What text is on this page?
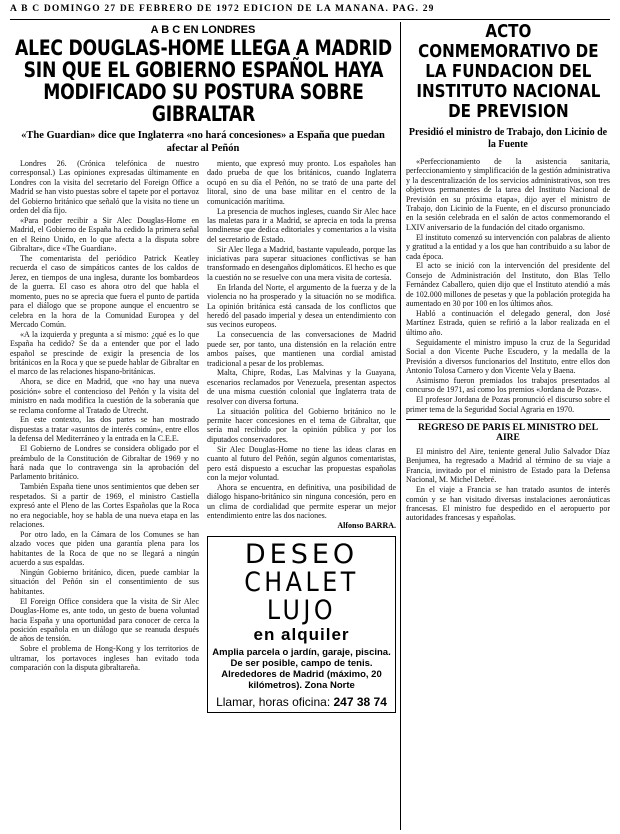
A B C DOMINGO 27 DE FEBRERO DE 1972 EDICION DE LA MAÑANA. PAG. 29
A B C EN LONDRES
ALEC DOUGLAS-HOME LLEGA A MADRID SIN QUE EL GOBIERNO ESPAÑOL HAYA MODIFICADO SU POSTURA SOBRE GIBRALTAR
«The Guardian» dice que Inglaterra «no hará concesiones» a España que puedan afectar al Peñón

Londres 26. (Crónica telefónica de nuestro corresponsal.) Las opiniones expresadas últimamente en Londres con la visita del secretario del Foreign Office a Madrid se han visto puestas sobre el tapete por el portavoz del Gobierno británico que señaló que la visita no tiene un orden del día fijo.

«Para poder recibir a Sir Alec Douglas-Home en Madrid, el Gobierno de España ha cedido la primera señal en el Reino Unido, en lo que afecta a la disputa sobre Gibraltar», dice «The Guardian».

The comentarista del periódico Patrick Keatley recuerda el caso de simpáticos cantes de los caldos de Jerez, en tiempos de una inglesa, durante los bombardeos de la guerra. El caso es ahora otro del que habla el momento, pues no se aprecia que fuera el punto de partida para el diálogo que se propone aunque el encuentro se celebra en la hora de la Comunidad Europea y del Mercado Común.

«A la izquierda y pregunta a sí mismo: ¿qué es lo que España ha cedido? Se da a entender que por el lado español se prescinde de exigir la presencia de los británicos en la Roca y que se puede hablar de Gibraltar en el marco de las relaciones hispano-británicas.

Ahora, se dice en Madrid, que «no hay una nueva posición» sobre el contencioso del Peñón y la visita del ministro en nada modifica la cuestión de la soberanía que se reclama conforme al Tratado de Utrecht.

En este contexto, las dos partes se han mostrado dispuestas a tratar «asuntos de interés común», entre ellos la defensa del Mediterráneo y la entrada en la C.E.E.

El Gobierno de Londres se considera obligado por el preámbulo de la Constitución de Gibraltar de 1969 y no hará nada que lo contravenga sin la aprobación del Parlamento británico.

También España tiene unos sentimientos que deben ser respetados. Si a partir de 1969, el ministro Castiella expresó ante el Pleno de las Cortes Españolas que la Roca no era negociable, hoy se habla de una nueva etapa en las relaciones.

Por otro lado, en la Cámara de los Comunes se han alzado voces que piden una garantía plena para los habitantes de la Roca de que no se llegará a ningún acuerdo a sus espaldas.

Ningún Gobierno británico, dicen, puede cambiar la situación del Peñón sin el consentimiento de sus habitantes.

El Foreign Office considera que la visita de Sir Alec Douglas-Home es, ante todo, un gesto de buena voluntad hacia España y una oportunidad para conocer de cerca la posición española en un diálogo que se reanuda después de años de tensión.

Sobre el problema de Hong-Kong y los territorios de ultramar, los portavoces ingleses han evitado toda comparación con la disputa gibraltareña.

miento, que expresó muy pronto. Los españoles han dado prueba de que los británicos, cuando Inglaterra ocupó en su día el Peñón, no se trató de una parte del litoral, sino de una base militar en el centro de la comunicación marítima.

La presencia de muchos ingleses, cuando Sir Alec hace las maletas para ir a Madrid, se aprecia en toda la prensa londinense que dedica editoriales y comentarios a la visita del secretario de Estado.

Sir Alec llega a Madrid, bastante vapuleado, porque las iniciativas para superar situaciones conflictivas se han transformado en desengaños diplomáticos. El hecho es que la cuestión no se resuelve con una mera visita de cortesía.

En Irlanda del Norte, el argumento de la fuerza y de la violencia no ha prosperado y la situación no se modifica. La opinión británica está cansada de los conflictos que heredó del pasado imperial y desea un entendimiento con sus vecinos europeos.

La consecuencia de las conversaciones de Madrid puede ser, por tanto, una distensión en la relación entre ambos países, que mantienen una cordial amistad tradicional a pesar de los problemas.

Malta, Chipre, Rodas, Las Malvinas y la Guayana, escenarios reclamados por Venezuela, presentan aspectos de una misma cuestión colonial que Inglaterra trata de resolver con diversa fortuna.

La situación política del Gobierno británico no le permite hacer concesiones en el tema de Gibraltar, que sería mal recibido por la opinión pública y por los diputados conservadores.

Sir Alec Douglas-Home no tiene las ideas claras en cuanto al futuro del Peñón, según algunos comentaristas, pero está dispuesto a escuchar las propuestas españolas con la mejor voluntad.

Ahora se encuentra, en definitiva, una posibilidad de diálogo hispano-británico sin ninguna concesión, pero en un clima de cordialidad que permite esperar un mejor entendimiento entre las dos naciones.

Alfonso BARRA.
DESEO
CHALET LUJO
en alquiler
Amplia parcela o jardín, garaje, piscina. De ser posible, campo de tenis. Alrededores de Madrid (máximo, 20 kilómetros). Zona Norte
Llamar, horas oficina: 247 38 74
ACTO CONMEMORATIVO DE LA FUNDACION DEL INSTITUTO NACIONAL DE PREVISION
Presidió el ministro de Trabajo, don Licinio de la Fuente

«Perfeccionamiento de la asistencia sanitaria, perfeccionamiento y simplificación de la gestión administrativa y la descentralización de los servicios administrativos, son tres objetivos permanentes de la tarea del Instituto Nacional de Previsión en su próxima etapa», dijo ayer el ministro de Trabajo, don Licinio de la Fuente, en el discurso pronunciado en la sesión celebrada en el salón de actos conmemorando el LXIV aniversario de la fundación del citado organismo.

El instituto comenzó su intervención con palabras de aliento y gratitud a la entidad y a los que han contribuido a su labor de cada época.

El acto se inició con la intervención del presidente del Consejo de Administración del Instituto, don Blas Tello Fernández Caballero, quien dijo que el Instituto atendió a más de 102.000 millones de pesetas y que la población protegida ha aumentado en 30 por 100 en los últimos años.

Habló a continuación el delegado general, don José Martínez Estrada, quien se refirió a la labor realizada en el último año.

Seguidamente el ministro impuso la cruz de la Seguridad Social a don Vicente Puche Escudero, y la medalla de la Previsión a diversos funcionarios del Instituto, entre ellos don Antonio Tolosa Carnero y don Vicente Vela y Baena.

Asimismo fueron premiados los trabajos presentados al concurso de 1971, así como los premios «Jordana de Pozas».

El profesor Jordana de Pozas pronunció el discurso sobre el primer tema de la Seguridad Social Agraria en 1970.

REGRESO DE PARIS EL MINISTRO DEL AIRE

El ministro del Aire, teniente general Julio Salvador Díaz Benjumea, ha regresado a Madrid al término de su viaje a Francia, invitado por el ministro de Estado para la Defensa Nacional, M. Michel Debré.

En el viaje a Francia se han tratado asuntos de interés común y se han visitado diversas instalaciones aeronáuticas francesas. El ministro fue despedido en el aeropuerto por autoridades francesas y españolas.
